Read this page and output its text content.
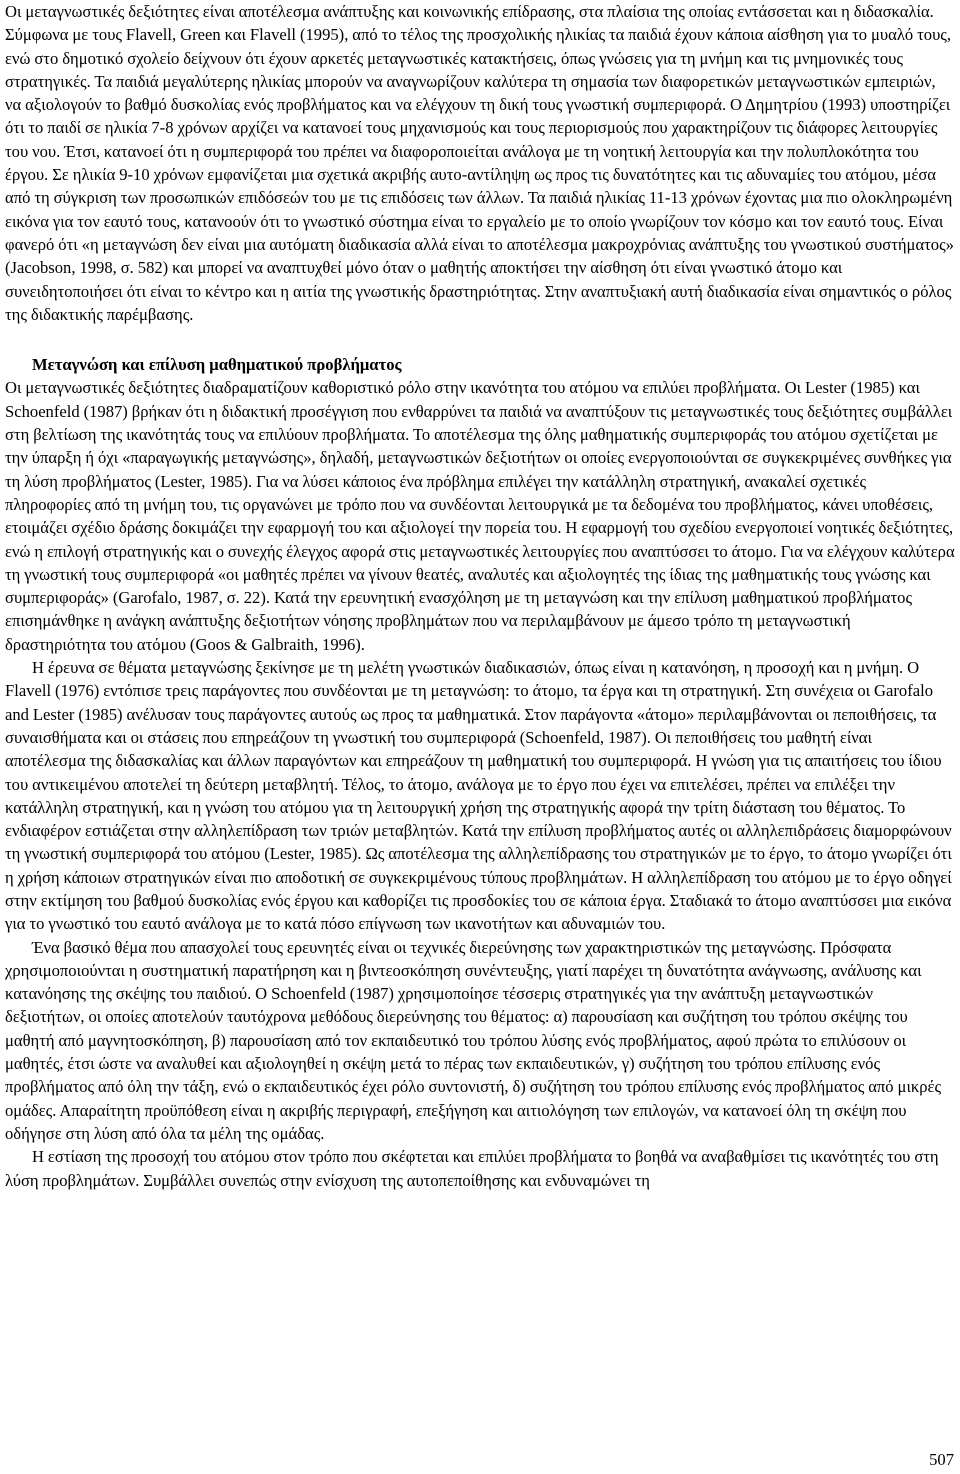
Οι μεταγνωστικές δεξιότητες είναι αποτέλεσμα ανάπτυξης και κοινωνικής επίδρασης, στα πλαίσια της οποίας εντάσσεται και η διδασκαλία. Σύμφωνα με τους Flavell, Green και Flavell (1995), από το τέλος της προσχολικής ηλικίας τα παιδιά έχουν κάποια αίσθηση για το μυαλό τους, ενώ στο δημοτικό σχολείο δείχνουν ότι έχουν αρκετές μεταγνωστικές κατακτήσεις, όπως γνώσεις για τη μνήμη και τις μνημονικές τους στρατηγικές. Τα παιδιά μεγαλύτερης ηλικίας μπορούν να αναγνωρίζουν καλύτερα τη σημασία των διαφορετικών μεταγνωστικών εμπειριών, να αξιολογούν το βαθμό δυσκολίας ενός προβλήματος και να ελέγχουν τη δική τους γνωστική συμπεριφορά. Ο Δημητρίου (1993) υποστηρίζει ότι το παιδί σε ηλικία 7-8 χρόνων αρχίζει να κατανοεί τους μηχανισμούς και τους περιορισμούς που χαρακτηρίζουν τις διάφορες λειτουργίες του νου. Έτσι, κατανοεί ότι η συμπεριφορά του πρέπει να διαφοροποιείται ανάλογα με τη νοητική λειτουργία και την πολυπλοκότητα του έργου. Σε ηλικία 9-10 χρόνων εμφανίζεται μια σχετικά ακριβής αυτο-αντίληψη ως προς τις δυνατότητες και τις αδυναμίες του ατόμου, μέσα από τη σύγκριση των προσωπικών επιδόσεών του με τις επιδόσεις των άλλων. Τα παιδιά ηλικίας 11-13 χρόνων έχοντας μια πιο ολοκληρωμένη εικόνα για τον εαυτό τους, κατανοούν ότι το γνωστικό σύστημα είναι το εργαλείο με το οποίο γνωρίζουν τον κόσμο και τον εαυτό τους. Είναι φανερό ότι «η μεταγνώση δεν είναι μια αυτόματη διαδικασία αλλά είναι το αποτέλεσμα μακροχρόνιας ανάπτυξης του γνωστικού συστήματος» (Jacobson, 1998, σ. 582) και μπορεί να αναπτυχθεί μόνο όταν ο μαθητής αποκτήσει την αίσθηση ότι είναι γνωστικό άτομο και συνειδητοποιήσει ότι είναι το κέντρο και η αιτία της γνωστικής δραστηριότητας. Στην αναπτυξιακή αυτή διαδικασία είναι σημαντικός ο ρόλος της διδακτικής παρέμβασης.

Μεταγνώση και επίλυση μαθηματικού προβλήματος

Οι μεταγνωστικές δεξιότητες διαδραματίζουν καθοριστικό ρόλο στην ικανότητα του ατόμου να επιλύει προβλήματα. Οι Lester (1985) και Schoenfeld (1987) βρήκαν ότι η διδακτική προσέγγιση που ενθαρρύνει τα παιδιά να αναπτύξουν τις μεταγνωστικές τους δεξιότητες συμβάλλει στη βελτίωση της ικανότητάς τους να επιλύουν προβλήματα. Το αποτέλεσμα της όλης μαθηματικής συμπεριφοράς του ατόμου σχετίζεται με την ύπαρξη ή όχι «παραγωγικής μεταγνώσης», δηλαδή, μεταγνωστικών δεξιοτήτων οι οποίες ενεργοποιούνται σε συγκεκριμένες συνθήκες για τη λύση προβλήματος (Lester, 1985). Για να λύσει κάποιος ένα πρόβλημα επιλέγει την κατάλληλη στρατηγική, ανακαλεί σχετικές πληροφορίες από τη μνήμη του, τις οργανώνει με τρόπο που να συνδέονται λειτουργικά με τα δεδομένα του προβλήματος, κάνει υποθέσεις, ετοιμάζει σχέδιο δράσης δοκιμάζει την εφαρμογή του και αξιολογεί την πορεία του. Η εφαρμογή του σχεδίου ενεργοποιεί νοητικές δεξιότητες, ενώ η επιλογή στρατηγικής και ο συνεχής έλεγχος αφορά στις μεταγνωστικές λειτουργίες που αναπτύσσει το άτομο. Για να ελέγχουν καλύτερα τη γνωστική τους συμπεριφορά «οι μαθητές πρέπει να γίνουν θεατές, αναλυτές και αξιολογητές της ίδιας της μαθηματικής τους γνώσης και συμπεριφοράς» (Garofalo, 1987, σ. 22). Κατά την ερευνητική ενασχόληση με τη μεταγνώση και την επίλυση μαθηματικού προβλήματος επισημάνθηκε η ανάγκη ανάπτυξης δεξιοτήτων νόησης προβλημάτων που να περιλαμβάνουν με άμεσο τρόπο τη μεταγνωστική δραστηριότητα του ατόμου (Goos & Galbraith, 1996).

Η έρευνα σε θέματα μεταγνώσης ξεκίνησε με τη μελέτη γνωστικών διαδικασιών, όπως είναι η κατανόηση, η προσοχή και η μνήμη. Ο Flavell (1976) εντόπισε τρεις παράγοντες που συνδέονται με τη μεταγνώση: το άτομο, τα έργα και τη στρατηγική. Στη συνέχεια οι Garofalo and Lester (1985) ανέλυσαν τους παράγοντες αυτούς ως προς τα μαθηματικά. Στον παράγοντα «άτομο» περιλαμβάνονται οι πεποιθήσεις, τα συναισθήματα και οι στάσεις που επηρεάζουν τη γνωστική του συμπεριφορά (Schoenfeld, 1987). Οι πεποιθήσεις του μαθητή είναι αποτέλεσμα της διδασκαλίας και άλλων παραγόντων και επηρεάζουν τη μαθηματική του συμπεριφορά. Η γνώση για τις απαιτήσεις του ίδιου του αντικειμένου αποτελεί τη δεύτερη μεταβλητή. Τέλος, το άτομο, ανάλογα με το έργο που έχει να επιτελέσει, πρέπει να επιλέξει την κατάλληλη στρατηγική, και η γνώση του ατόμου για τη λειτουργική χρήση της στρατηγικής αφορά την τρίτη διάσταση του θέματος. Το ενδιαφέρον εστιάζεται στην αλληλεπίδραση των τριών μεταβλητών. Κατά την επίλυση προβλήματος αυτές οι αλληλεπιδράσεις διαμορφώνουν τη γνωστική συμπεριφορά του ατόμου (Lester, 1985). Ως αποτέλεσμα της αλληλεπίδρασης του στρατηγικών με το έργο, το άτομο γνωρίζει ότι η χρήση κάποιων στρατηγικών είναι πιο αποδοτική σε συγκεκριμένους τύπους προβλημάτων. Η αλληλεπίδραση του ατόμου με το έργο οδηγεί στην εκτίμηση του βαθμού δυσκολίας ενός έργου και καθορίζει τις προσδοκίες του σε κάποια έργα. Σταδιακά το άτομο αναπτύσσει μια εικόνα για το γνωστικό του εαυτό ανάλογα με το κατά πόσο επίγνωση των ικανοτήτων και αδυναμιών του.

Ένα βασικό θέμα που απασχολεί τους ερευνητές είναι οι τεχνικές διερεύνησης των χαρακτηριστικών της μεταγνώσης. Πρόσφατα χρησιμοποιούνται η συστηματική παρατήρηση και η βιντεοσκόπηση συνέντευξης, γιατί παρέχει τη δυνατότητα ανάγνωσης, ανάλυσης και κατανόησης της σκέψης του παιδιού. Ο Schoenfeld (1987) χρησιμοποίησε τέσσερις στρατηγικές για την ανάπτυξη μεταγνωστικών δεξιοτήτων, οι οποίες αποτελούν ταυτόχρονα μεθόδους διερεύνησης του θέματος: α) παρουσίαση και συζήτηση του τρόπου σκέψης του μαθητή από μαγνητοσκόπηση, β) παρουσίαση από τον εκπαιδευτικό του τρόπου λύσης ενός προβλήματος, αφού πρώτα το επιλύσουν οι μαθητές, έτσι ώστε να αναλυθεί και αξιολογηθεί η σκέψη μετά το πέρας των εκπαιδευτικών, γ) συζήτηση του τρόπου επίλυσης ενός προβλήματος από όλη την τάξη, ενώ ο εκπαιδευτικός έχει ρόλο συντονιστή, δ) συζήτηση του τρόπου επίλυσης ενός προβλήματος από μικρές ομάδες. Απαραίτητη προϋπόθεση είναι η ακριβής περιγραφή, επεξήγηση και αιτιολόγηση των επιλογών, να κατανοεί όλη τη σκέψη που οδήγησε στη λύση από όλα τα μέλη της ομάδας.

Η εστίαση της προσοχή του ατόμου στον τρόπο που σκέφτεται και επιλύει προβλήματα το βοηθά να αναβαθμίσει τις ικανότητές του στη λύση προβλημάτων. Συμβάλλει συνεπώς στην ενίσχυση της αυτοπεποίθησης και ενδυναμώνει τη

507
